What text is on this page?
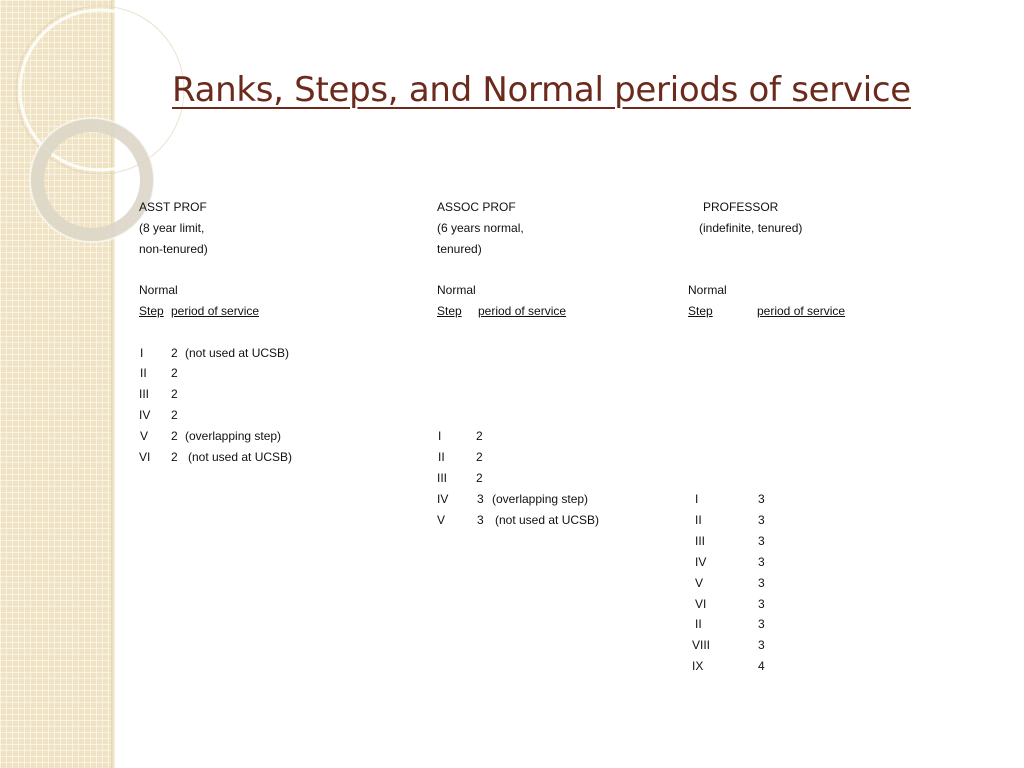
Ranks, Steps, and Normal periods of service
ASST PROF
(8 year limit,
non-tenured)
Normal
Step period of service
I 2 (not used at UCSB)
II 2
III 2
IV 2
V 2 (overlapping step)
VI 2 (not used at UCSB)
ASSOC PROF
(6 years normal,
tenured)
Normal
Step period of service
I	2
II	2
III 2
IV 3 (overlapping step)
V	3 (not used at UCSB)
PROFESSOR
(indefinite, tenured)
Normal
Step	period of service
I	3
II	3
III	3
IV	3
V	3
VI	3
II	3
VIII	3
IX	4
